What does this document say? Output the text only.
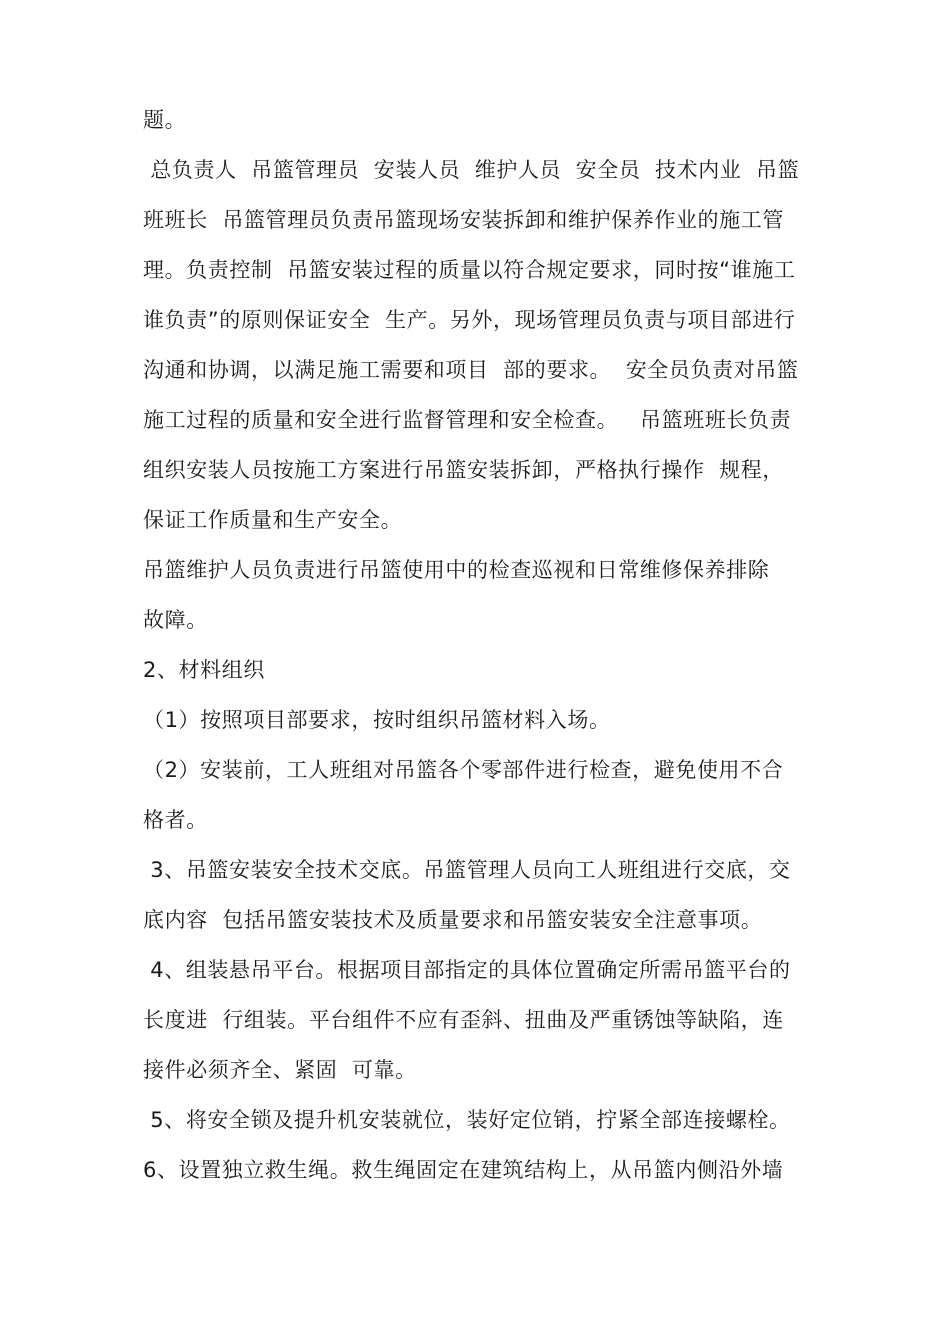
题。
总负责人  吊篮管理员  安装人员  维护人员  安全员  技术内业  吊篮
班班长  吊篮管理员负责吊篮现场安装拆卸和维护保养作业的施工管
理。负责控制  吊篮安装过程的质量以符合规定要求，同时按“谁施工
谁负责”的原则保证安全  生产。另外，现场管理员负责与项目部进行
沟通和协调，以满足施工需要和项目  部的要求。  安全员负责对吊篮
施工过程的质量和安全进行监督管理和安全检查。   吊篮班班长负责
组织安装人员按施工方案进行吊篮安装拆卸，严格执行操作  规程，
保证工作质量和生产安全。
吊篮维护人员负责进行吊篮使用中的检查巡视和日常维修保养排除
故障。
2、材料组织
（1）按照项目部要求，按时组织吊篮材料入场。
（2）安装前，工人班组对吊篮各个零部件进行检查，避免使用不合
格者。
3、吊篮安装安全技术交底。吊篮管理人员向工人班组进行交底，交
底内容  包括吊篮安装技术及质量要求和吊篮安装安全注意事项。
4、组装悬吊平台。根据项目部指定的具体位置确定所需吊篮平台的
长度进  行组装。平台组件不应有歪斜、扭曲及严重锈蚀等缺陷，连
接件必须齐全、紧固  可靠。
5、将安全锁及提升机安装就位，装好定位销，拧紧全部连接螺栓。
6、设置独立救生绳。救生绳固定在建筑结构上，从吊篮内侧沿外墙
